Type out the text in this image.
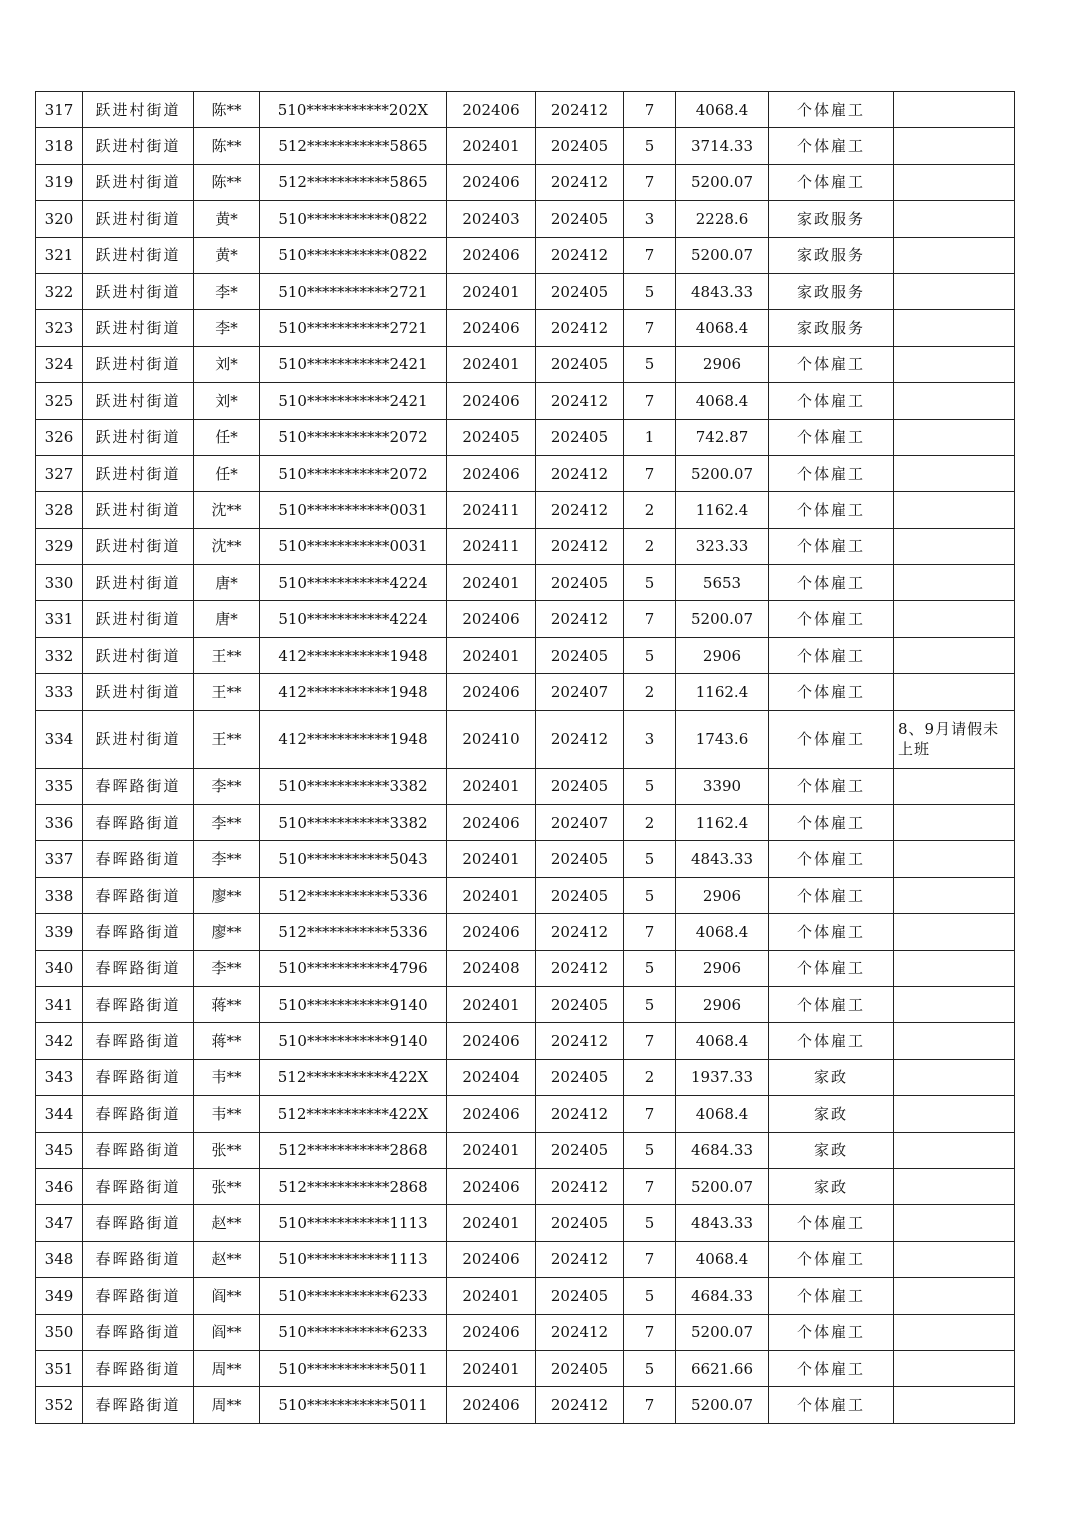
317	跃进村街道	陈**	510***********202X	202406	202412	7	4068.4	个体雇工	
318	跃进村街道	陈**	512***********5865	202401	202405	5	3714.33	个体雇工	
319	跃进村街道	陈**	512***********5865	202406	202412	7	5200.07	个体雇工	
320	跃进村街道	黄*	510***********0822	202403	202405	3	2228.6	家政服务	
321	跃进村街道	黄*	510***********0822	202406	202412	7	5200.07	家政服务	
322	跃进村街道	李*	510***********2721	202401	202405	5	4843.33	家政服务	
323	跃进村街道	李*	510***********2721	202406	202412	7	4068.4	家政服务	
324	跃进村街道	刘*	510***********2421	202401	202405	5	2906	个体雇工	
325	跃进村街道	刘*	510***********2421	202406	202412	7	4068.4	个体雇工	
326	跃进村街道	任*	510***********2072	202405	202405	1	742.87	个体雇工	
327	跃进村街道	任*	510***********2072	202406	202412	7	5200.07	个体雇工	
328	跃进村街道	沈**	510***********0031	202411	202412	2	1162.4	个体雇工	
329	跃进村街道	沈**	510***********0031	202411	202412	2	323.33	个体雇工	
330	跃进村街道	唐*	510***********4224	202401	202405	5	5653	个体雇工	
331	跃进村街道	唐*	510***********4224	202406	202412	7	5200.07	个体雇工	
332	跃进村街道	王**	412***********1948	202401	202405	5	2906	个体雇工	
333	跃进村街道	王**	412***********1948	202406	202407	2	1162.4	个体雇工	
334	跃进村街道	王**	412***********1948	202410	202412	3	1743.6	个体雇工	8、9月请假未上班
335	春晖路街道	李**	510***********3382	202401	202405	5	3390	个体雇工	
336	春晖路街道	李**	510***********3382	202406	202407	2	1162.4	个体雇工	
337	春晖路街道	李**	510***********5043	202401	202405	5	4843.33	个体雇工	
338	春晖路街道	廖**	512***********5336	202401	202405	5	2906	个体雇工	
339	春晖路街道	廖**	512***********5336	202406	202412	7	4068.4	个体雇工	
340	春晖路街道	李**	510***********4796	202408	202412	5	2906	个体雇工	
341	春晖路街道	蒋**	510***********9140	202401	202405	5	2906	个体雇工	
342	春晖路街道	蒋**	510***********9140	202406	202412	7	4068.4	个体雇工	
343	春晖路街道	韦**	512***********422X	202404	202405	2	1937.33	家政	
344	春晖路街道	韦**	512***********422X	202406	202412	7	4068.4	家政	
345	春晖路街道	张**	512***********2868	202401	202405	5	4684.33	家政	
346	春晖路街道	张**	512***********2868	202406	202412	7	5200.07	家政	
347	春晖路街道	赵**	510***********1113	202401	202405	5	4843.33	个体雇工	
348	春晖路街道	赵**	510***********1113	202406	202412	7	4068.4	个体雇工	
349	春晖路街道	阎**	510***********6233	202401	202405	5	4684.33	个体雇工	
350	春晖路街道	阎**	510***********6233	202406	202412	7	5200.07	个体雇工	
351	春晖路街道	周**	510***********5011	202401	202405	5	6621.66	个体雇工	
352	春晖路街道	周**	510***********5011	202406	202412	7	5200.07	个体雇工	
